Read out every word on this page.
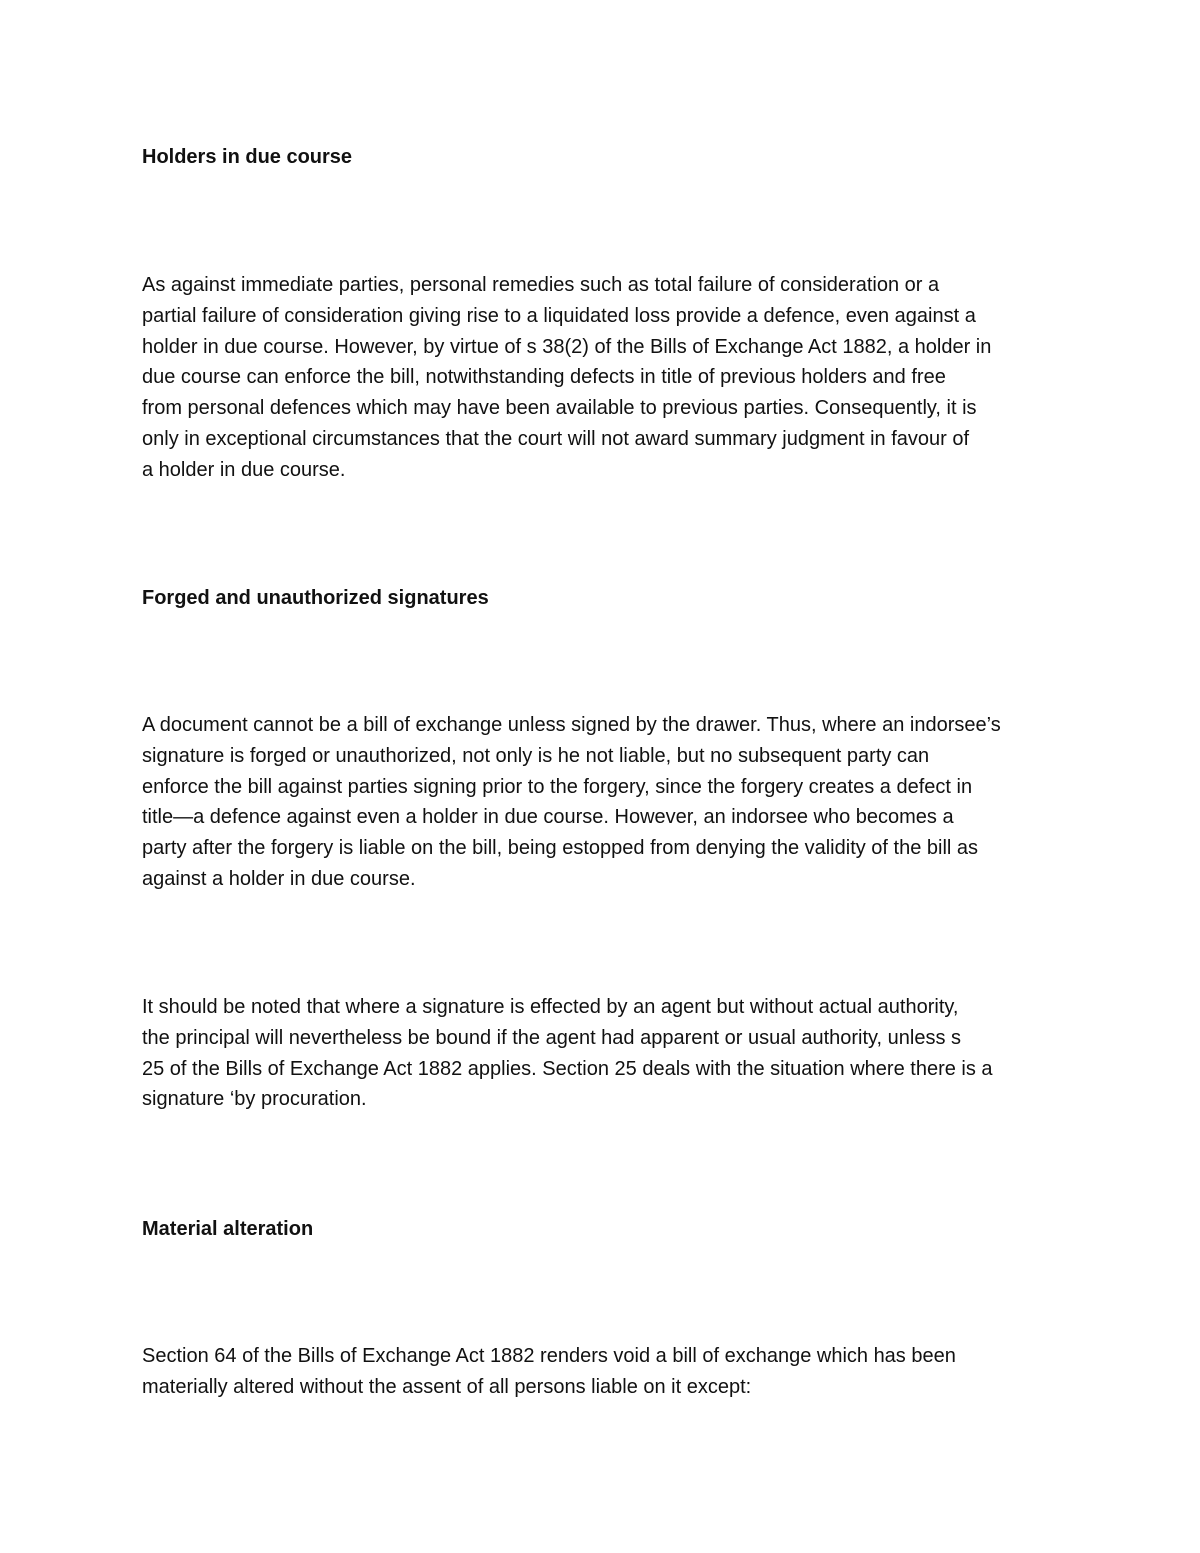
Holders in due course

As against immediate parties, personal remedies such as total failure of consideration or a
partial failure of consideration giving rise to a liquidated loss provide a defence, even against a
holder in due course. However, by virtue of s 38(2) of the Bills of Exchange Act 1882, a holder in
due course can enforce the bill, notwithstanding defects in title of previous holders and free
from personal defences which may have been available to previous parties. Consequently, it is
only in exceptional circumstances that the court will not award summary judgment in favour of
a holder in due course.

Forged and unauthorized signatures

A document cannot be a bill of exchange unless signed by the drawer. Thus, where an indorsee’s
signature is forged or unauthorized, not only is he not liable, but no subsequent party can
enforce the bill against parties signing prior to the forgery, since the forgery creates a defect in
title—a defence against even a holder in due course. However, an indorsee who becomes a
party after the forgery is liable on the bill, being estopped from denying the validity of the bill as
against a holder in due course.

It should be noted that where a signature is effected by an agent but without actual authority,
the principal will nevertheless be bound if the agent had apparent or usual authority, unless s
25 of the Bills of Exchange Act 1882 applies. Section 25 deals with the situation where there is a
signature ‘by procuration.

Material alteration

Section 64 of the Bills of Exchange Act 1882 renders void a bill of exchange which has been
materially altered without the assent of all persons liable on it except:
